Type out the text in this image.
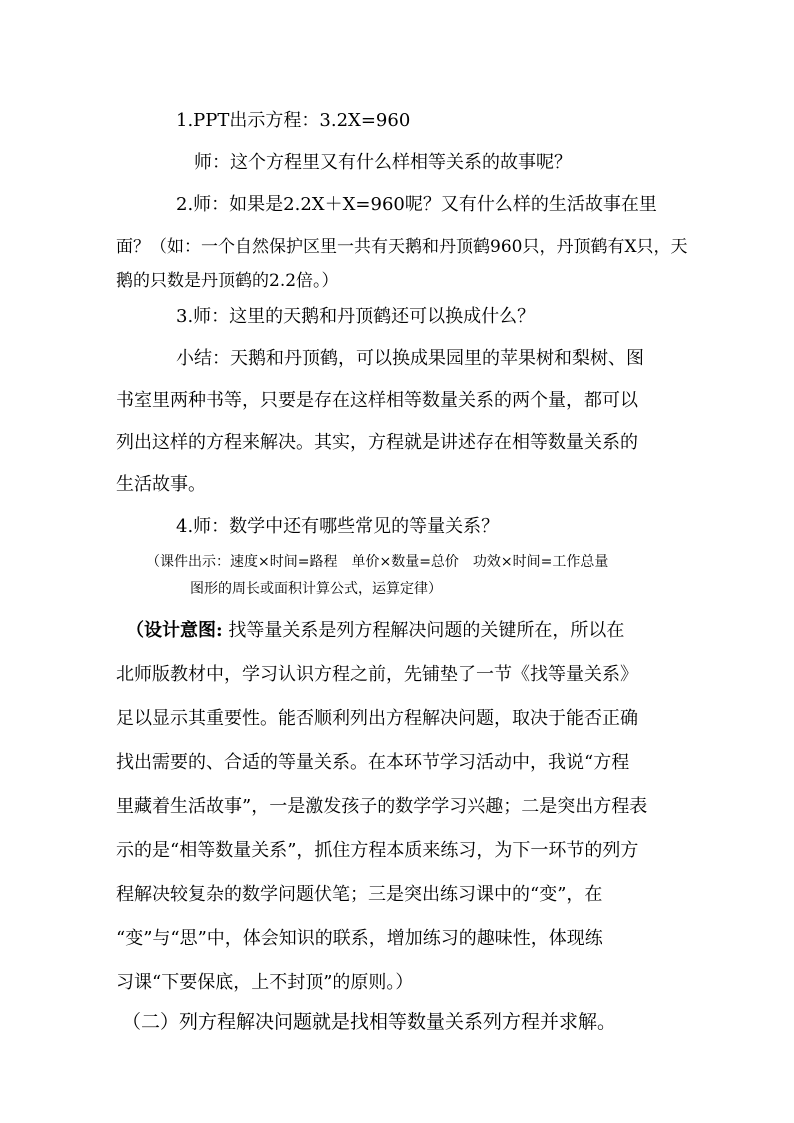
1.PPT出示方程：3.2X=960
师：这个方程里又有什么样相等关系的故事呢？
2.师：如果是2.2X＋X=960呢？又有什么样的生活故事在里
面？（如：一个自然保护区里一共有天鹅和丹顶鹤960只，丹顶鹤有X只，天
鹅的只数是丹顶鹤的2.2倍。）
3.师：这里的天鹅和丹顶鹤还可以换成什么？
小结：天鹅和丹顶鹤，可以换成果园里的苹果树和梨树、图
书室里两种书等，只要是存在这样相等数量关系的两个量，都可以
列出这样的方程来解决。其实，方程就是讲述存在相等数量关系的
生活故事。
4.师：数学中还有哪些常见的等量关系？
（课件出示：速度×时间=路程　单价×数量=总价　功效×时间=工作总量
图形的周长或面积计算公式，运算定律）
（设计意图: 找等量关系是列方程解决问题的关键所在，所以在
北师版教材中，学习认识方程之前，先铺垫了一节《找等量关系》
足以显示其重要性。能否顺利列出方程解决问题，取决于能否正确
找出需要的、合适的等量关系。在本环节学习活动中，我说“方程
里藏着生活故事”，一是激发孩子的数学学习兴趣；二是突出方程表
示的是“相等数量关系”，抓住方程本质来练习，为下一环节的列方
程解决较复杂的数学问题伏笔；三是突出练习课中的“变”，在
“变”与“思”中，体会知识的联系，增加练习的趣味性，体现练
习课“下要保底，上不封顶”的原则。）
（二）列方程解决问题就是找相等数量关系列方程并求解。
